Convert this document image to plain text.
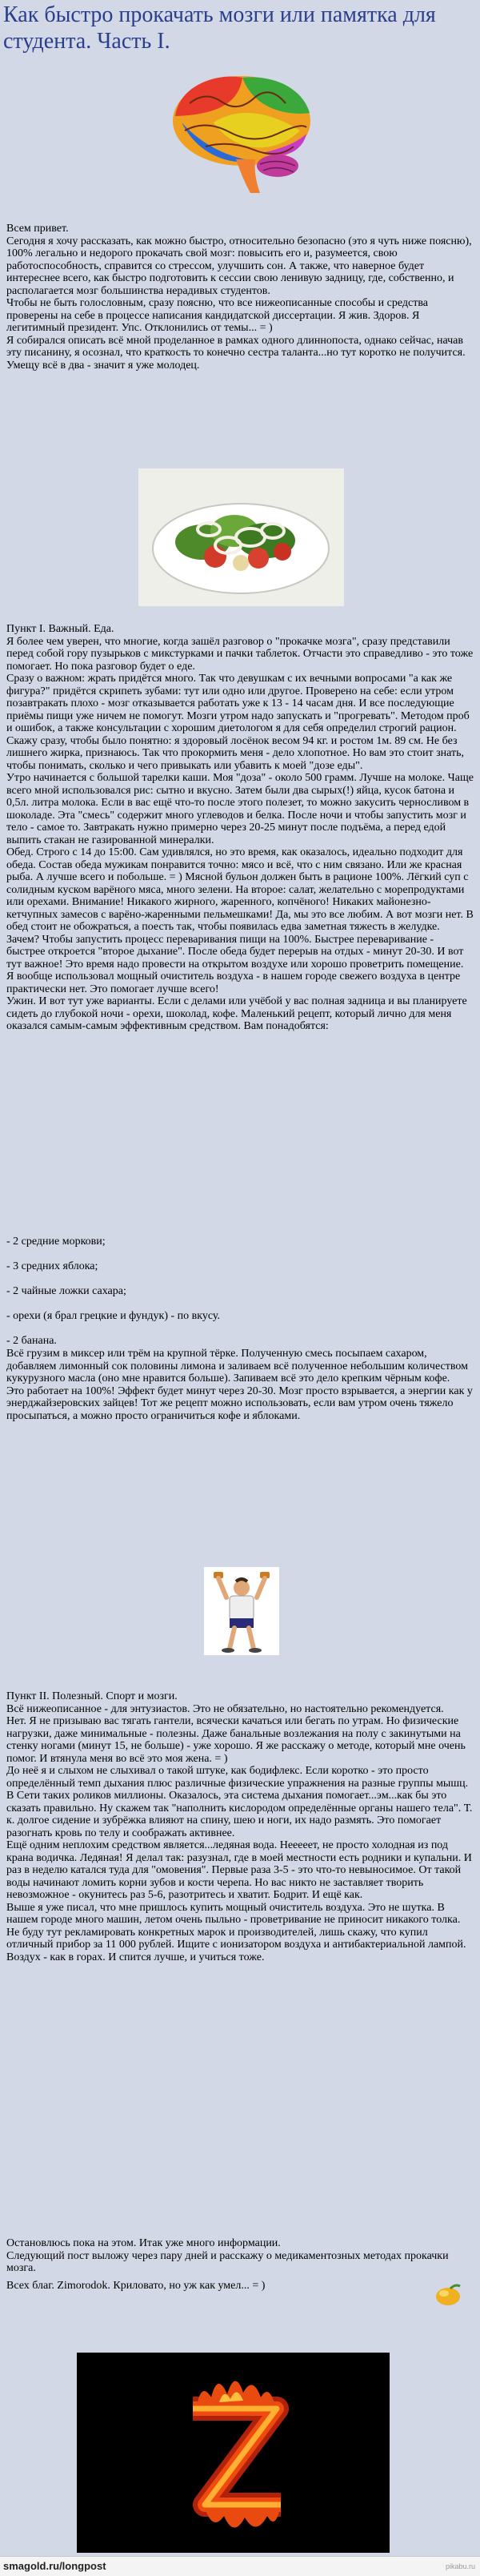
Как быстро прокачать мозги или памятка для студента. Часть I.

Всем привет.
Сегодня я хочу рассказать, как можно быстро, относительно безопасно (это я чуть ниже поясню), 100% легально и недорого прокачать свой мозг: повысить его и, разумеется, свою работоспособность, справится со стрессом, улучшить сон. А также, что наверное будет интереснее всего, как быстро подготовить к сессии свою ленивую задницу, где, собственно, и располагается мозг большинства нерадивых студентов.
Чтобы не быть голословным, сразу поясню, что все нижеописанные способы и средства проверены на себе в процессе написания кандидатской диссертации. Я жив. Здоров. Я легитимный президент. Упс. Отклонились от темы... = )
Я собирался описать всё мной проделанное в рамках одного длиннопоста, однако сейчас, начав эту писанину, я осознал, что краткость то конечно сестра таланта...но тут короткo не получится. Умещу всё в два - значит я уже молодец.

Пункт I. Важный. Еда.
Я более чем уверен, что многие, когда зашёл разговор о "прокачке мозга", сразу представили перед собой гору пузырьков с микстурками и пачки таблеток. Отчасти это справедливо - это тоже помогает. Но пока разговор будет о еде.
Сразу о важном: жрать придётся много. Так что девушкам с их вечными вопросами "а как же фигура?" придётся скрипеть зубами: тут или одно или другое. Проверено на себе: если утром позавтракать плохо - мозг отказывается работать уже к 13 - 14 часам дня. И все последующие приёмы пищи уже ничем не помогут. Мозги утром надо запускать и "прогревать". Методом проб и ошибок, а также консультации с хорошим диетологом я для себя определил строгий рацион. Скажу сразу, чтобы было понятно: я здоровый лосёнок весом 94 кг. и ростом 1м. 89 см. Не без лишнего жирка, признаюсь. Так что прокормить меня - дело хлопотное. Но вам это стоит знать, чтобы понимать, сколько и чего привыкать или убавить к моей "дозе еды".
Утро начинается с большой тарелки каши. Моя "доза" - около 500 грамм. Лучше на молоке. Чаще всего мной использовался рис: сытно и вкусно. Затем были два сырых(!) яйца, кусок батона и 0,5л. литра молока. Если в вас ещё что-то после этого полезет, то можно закусить черносливом в шоколаде. Эта "смесь" содержит много углеводов и белка. После ночи и чтобы запустить мозг и тело - самое то. Завтракать нужно примерно через 20-25 минут после подъёма, а перед едой выпить стакан не газированной минералки.
Обед. Строго с 14 до 15:00. Сам удивлялся, но это время, как оказалось, идеально подходит для обеда. Состав обеда мужикам понравится точно: мясо и всё, что с ним связано. Или же красная рыба. А лучше всего и побольше. = ) Мясной бульон должен быть в рационе 100%. Лёгкий суп с солидным куском варёного мяса, много зелени. На второе: салат, желательно с морепродуктами или орехами. Внимание! Никакого жирного, жаренного, копчёного! Никаких майонезно-кетчупных замесов с варёно-жаренными пельмешками! Да, мы это все любим. А вот мозги нет. В обед стоит не обожраться, а поесть так, чтобы появилась едва заметная тяжесть в желудке. Зачем? Чтобы запустить процесс переваривания пищи на 100%. Быстрее переваривание - быстрее откроется "второе дыхание". После обеда будет перерыв на отдых - минут 20-30. И вот тут важное! Это время надо провести на открытом воздухе или хорошо проветрить помещение. Я вообще использовал мощный очиститель воздуха - в нашем городе свежего воздуха в центре практически нет. Это помогает лучше всего!
Ужин. И вот тут уже варианты. Если с делами или учёбой у вас полная задница и вы планируете сидеть до глубокой ночи - орехи, шоколад, кофе. Маленький рецепт, который лично для меня оказался самым-самым эффективным средством. Вам понадобятся:

- 2 средние моркови;

- 3 средних яблока;

- 2 чайные ложки сахара;

- орехи (я брал грецкие и фундук) - по вкусу.

- 2 банана.

Всё грузим в миксер или трём на крупной тёрке. Полученную смесь посыпаем сахаром, добавляем лимонный сок половины лимона и заливаем всё полученное небольшим количеством кукурузного масла (оно мне нравится больше). Запиваем всё это дело крепким чёрным кофе.
Это работает на 100%! Эффект будет минут через 20-30. Мозг просто взрывается, а энергии как у энерджайзеровских зайцев! Тот же рецепт можно использовать, если вам утром очень тяжело просыпаться, а можно просто ограничиться кофе и яблоками.

Пункт II. Полезный. Спорт и мозги.
Всё нижеописанное - для энтузиастов. Это не обязательно, но настоятельно рекомендуется.
Нет. Я не призываю вас тягать гантели, всячески качаться или бегать по утрам. Но физические нагрузки, даже минимальные - полезны. Даже банальные возлежания на полу с закинутыми на стенку ногами (минут 15, не больше) - уже хорошо. Я же расскажу о методе, который мне очень помог. И втянула меня во всё это моя жена. = )
До неё я и слыхом не слыхивал о такой штуке, как бодифлекс. Если коротко - это просто определённый темп дыхания плюс различные физические упражнения на разные группы мышц. В Сети таких роликов миллионы. Оказалось, эта система дыхания помогает...эм...как бы это сказать правильно. Ну скажем так "наполнить кислородом определённые органы нашего тела". Т. к. долгое сидение и зубрёжка влияют на спину, шею и ноги, их надо размять. Это помогает разогнать кровь по телу и соображать активнее.
Ещё одним неплохим средством является...ледяная вода. Нееееет, не просто холодная из под крана водичка. Ледяная! Я делал так: разузнал, где в моей местности есть родники и купальни. И раз в неделю катался туда для "омовения". Первые раза 3-5 - это что-то невыносимое. От такой воды начинают ломить корни зубов и кости черепа. Но вас никто не заставляет творить невозможное - окунитесь раз 5-6, разотритесь и хватит. Бодрит. И ещё как.
Выше я уже писал, что мне пришлось купить мощный очиститель воздуха. Это не шутка. В нашем городе много машин, летом очень пыльно - проветривание не приносит никакого толка. Не буду тут рекламировать конкретных марок и производителей, лишь скажу, что купил отличный прибор за 11 000 рублей. Ищите с ионизатором воздуха и антибактериальной лампой. Воздух - как в горах. И спится лучше, и учиться тоже.

Остановлюсь пока на этом. Итак уже много информации.
Следующий пост выложу через пару дней и расскажу о медикаментозных методах прокачки мозга.

Всех благ. Zimorodok. Криловато, но уж как умел... = )

smagold.ru/longpost	pikabu.ru
